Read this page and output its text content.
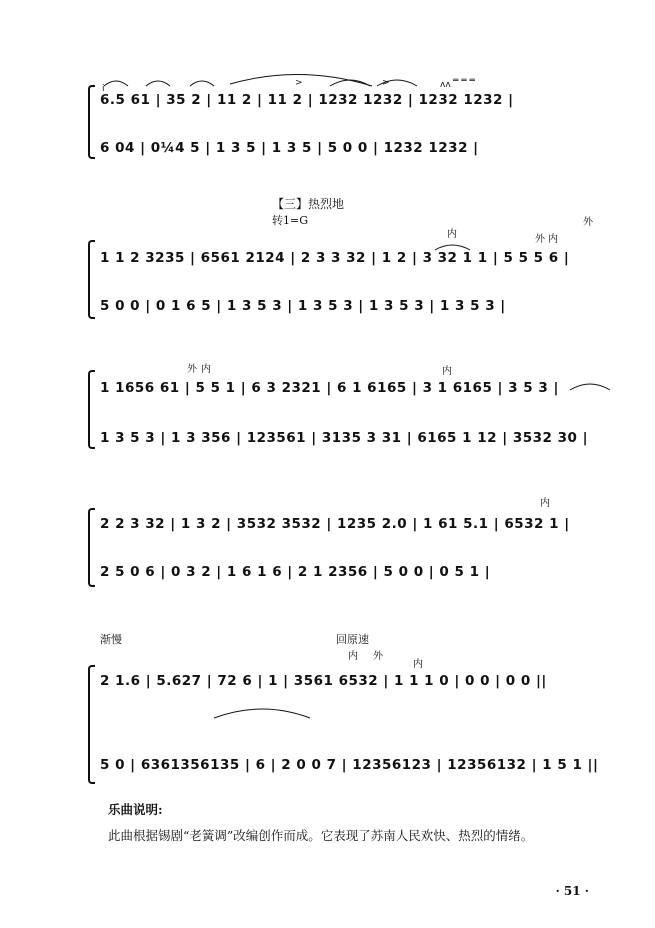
i
>	>	ʌʌ ═ ═ ═
6.5 61 | 35 2 | 11 2 | 11 2 | 1232 1232 | 1232 1232 |
6 04 | 0¼4 5 | 1 3 5 | 1 3 5 | 5 0 0 | 1232 1232 |
【三】热烈地
转1=G
内
外
内
外
1 1 2 3235 | 6561 2124 | 2 3 3 32 | 1 2 | 3 32 1 1 | 5 5 5 6 |
5 0 0 | 0 1 6 5 | 1 3 5 3 | 1 3 5 3 | 1 3 5 3 | 1 3 5 3 |
外 内	内
1 1656 61 | 5 5 1 | 6 3 2321 | 6 1 6165 | 3 1 6165 | 3 5 3 |
1 3 5 3 | 1 3 356 | 123561 | 3135 3 31 | 6165 1 12 | 3532 30 |
内
2 2 3 32 | 1 3 2 | 3532 3532 | 1235 2.0 | 1 61 5.1 | 6532 1 |
2 5 0 6 | 0 3 2 | 1 6 1 6 | 2 1 2356 | 5 0 0 | 0 5 1 |
渐慢	回原速
内 外
内
2 1.6 | 5.627 | 72 6 | 1 | 3561 6532 | 1 1 1 0 | 0 0 | 0 0 ||
5 0 | 6361356135 | 6 | 2 0 0 7 | 12356123 | 12356132 | 1 5 1 ||
乐曲说明:
此曲根据锡剧“老簧调”改编创作而成。它表现了苏南人民欢快、热烈的情绪。
· 51 ·
